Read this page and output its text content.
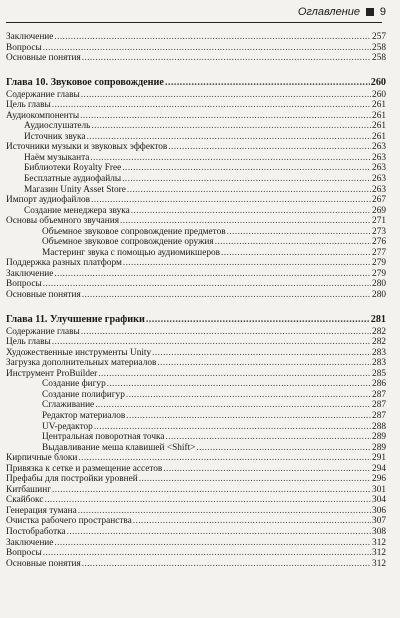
Оглавление 9
Заключение .....	257
Вопросы .....	258
Основные понятия .....	258
Глава 10. Звуковое сопровождение .....	260
Содержание главы .....	260
Цель главы .....	261
Аудиокомпоненты .....	261
Аудиослушатель .....	261
Источник звука .....	261
Источники музыки и звуковых эффектов .....	263
Наём музыканта .....	263
Библиотеки Royalty Free .....	263
Бесплатные аудиофайлы .....	263
Магазин Unity Asset Store .....	263
Импорт аудиофайлов .....	267
Создание менеджера звука .....	269
Основы объемного звучания .....	271
Объемное звуковое сопровождение предметов .....	273
Объемное звуковое сопровождение оружия .....	276
Мастеринг звука с помощью аудиомикшеров .....	277
Поддержка разных платформ .....	279
Заключение .....	279
Вопросы .....	280
Основные понятия .....	280
Глава 11. Улучшение графики .....	281
Содержание главы .....	282
Цель главы .....	282
Художественные инструменты Unity .....	283
Загрузка дополнительных материалов .....	283
Инструмент ProBuilder .....	285
Создание фигур .....	286
Создание полифигур .....	287
Сглаживание .....	287
Редактор материалов .....	287
UV-редактор .....	288
Центральная поворотная точка .....	289
Выдавливание меша клавишей <Shift> .....	289
Кирпичные блоки .....	291
Привязка к сетке и размещение ассетов .....	294
Префабы для постройки уровней .....	296
Китбашинг .....	301
Скайбокс .....	304
Генерация тумана .....	306
Очистка рабочего пространства .....	307
Постобработка .....	308
Заключение .....	312
Вопросы .....	312
Основные понятия .....	312
